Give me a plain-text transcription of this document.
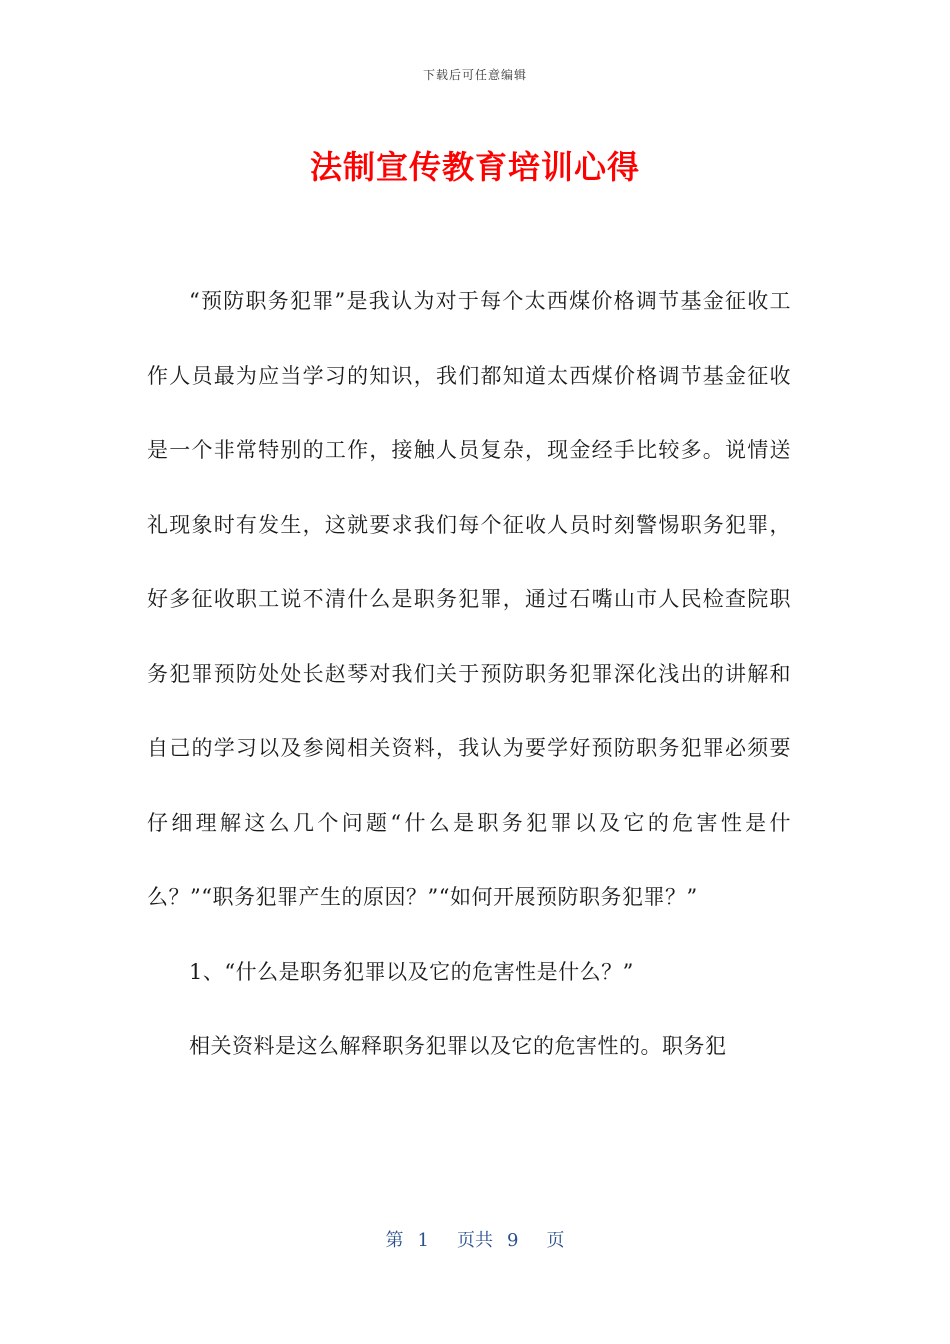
下载后可任意编辑
法制宣传教育培训心得

“预防职务犯罪”是我认为对于每个太西煤价格调节基金征收工作人员最为应当学习的知识，我们都知道太西煤价格调节基金征收是一个非常特别的工作，接触人员复杂，现金经手比较多。说情送礼现象时有发生，这就要求我们每个征收人员时刻警惕职务犯罪，好多征收职工说不清什么是职务犯罪，通过石嘴山市人民检查院职务犯罪预防处处长赵琴对我们关于预防职务犯罪深化浅出的讲解和自己的学习以及参阅相关资料，我认为要学好预防职务犯罪必须要仔细理解这么几个问题“什么是职务犯罪以及它的危害性是什么？”“职务犯罪产生的原因？”“如何开展预防职务犯罪？”

1、“什么是职务犯罪以及它的危害性是什么？”

相关资料是这么解释职务犯罪以及它的危害性的。职务犯

第 1 页共 9 页
